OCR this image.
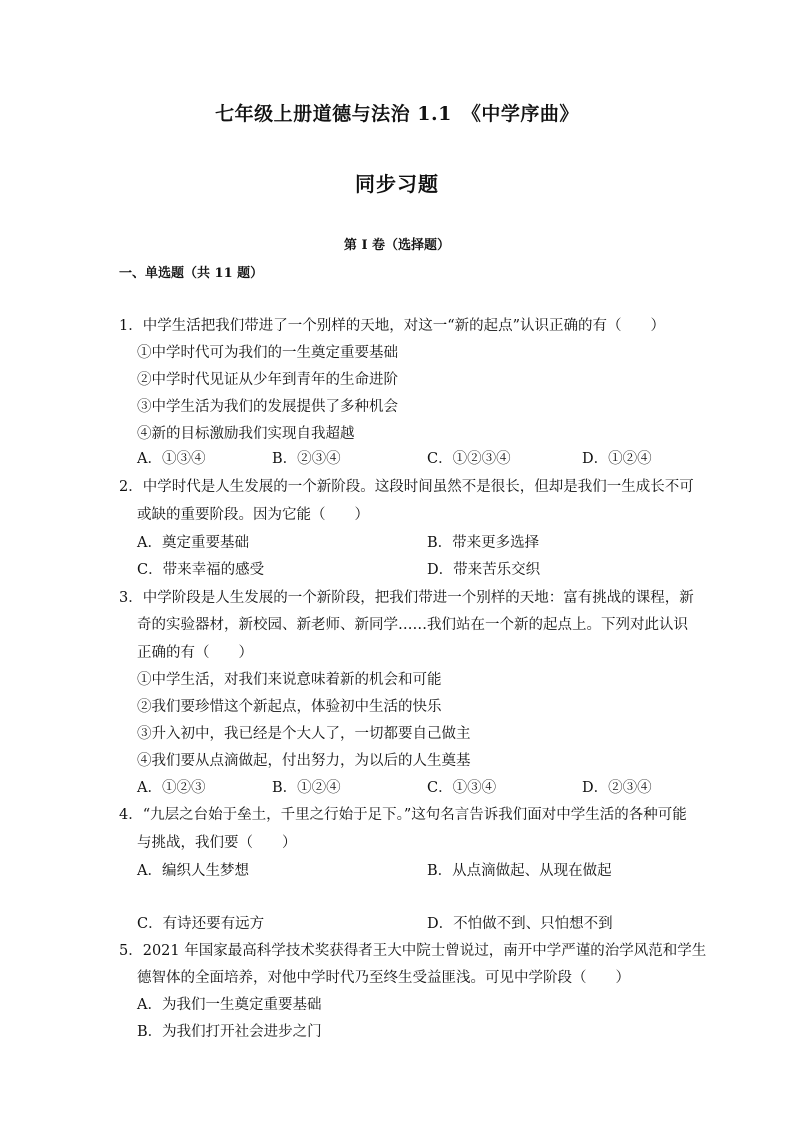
七年级上册道德与法治 1.1　《中学序曲》
同步习题
第 I 卷（选择题）
一、单选题（共 11 题）
1．中学生活把我们带进了一个别样的天地，对这一“新的起点”认识正确的有（　　）
①中学时代可为我们的一生奠定重要基础
②中学时代见证从少年到青年的生命进阶
③中学生活为我们的发展提供了多种机会
④新的目标激励我们实现自我超越
A．①③④	B．②③④	C．①②③④	D．①②④
2．中学时代是人生发展的一个新阶段。这段时间虽然不是很长，但却是我们一生成长不可
或缺的重要阶段。因为它能（　　）
A．奠定重要基础	B．带来更多选择
C．带来幸福的感受	D．带来苦乐交织
3．中学阶段是人生发展的一个新阶段，把我们带进一个别样的天地：富有挑战的课程，新
奇的实验器材，新校园、新老师、新同学……我们站在一个新的起点上。下列对此认识
正确的有（　　）
①中学生活，对我们来说意味着新的机会和可能
②我们要珍惜这个新起点，体验初中生活的快乐
③升入初中，我已经是个大人了，一切都要自己做主
④我们要从点滴做起，付出努力，为以后的人生奠基
A．①②③	B．①②④	C．①③④	D．②③④
4．“九层之台始于垒土，千里之行始于足下。”这句名言告诉我们面对中学生活的各种可能
与挑战，我们要（　　）
A．编织人生梦想	B．从点滴做起、从现在做起
C．有诗还要有远方	D．不怕做不到、只怕想不到
5．2021 年国家最高科学技术奖获得者王大中院士曾说过，南开中学严谨的治学风范和学生
德智体的全面培养，对他中学时代乃至终生受益匪浅。可见中学阶段（　　）
A．为我们一生奠定重要基础
B．为我们打开社会进步之门
